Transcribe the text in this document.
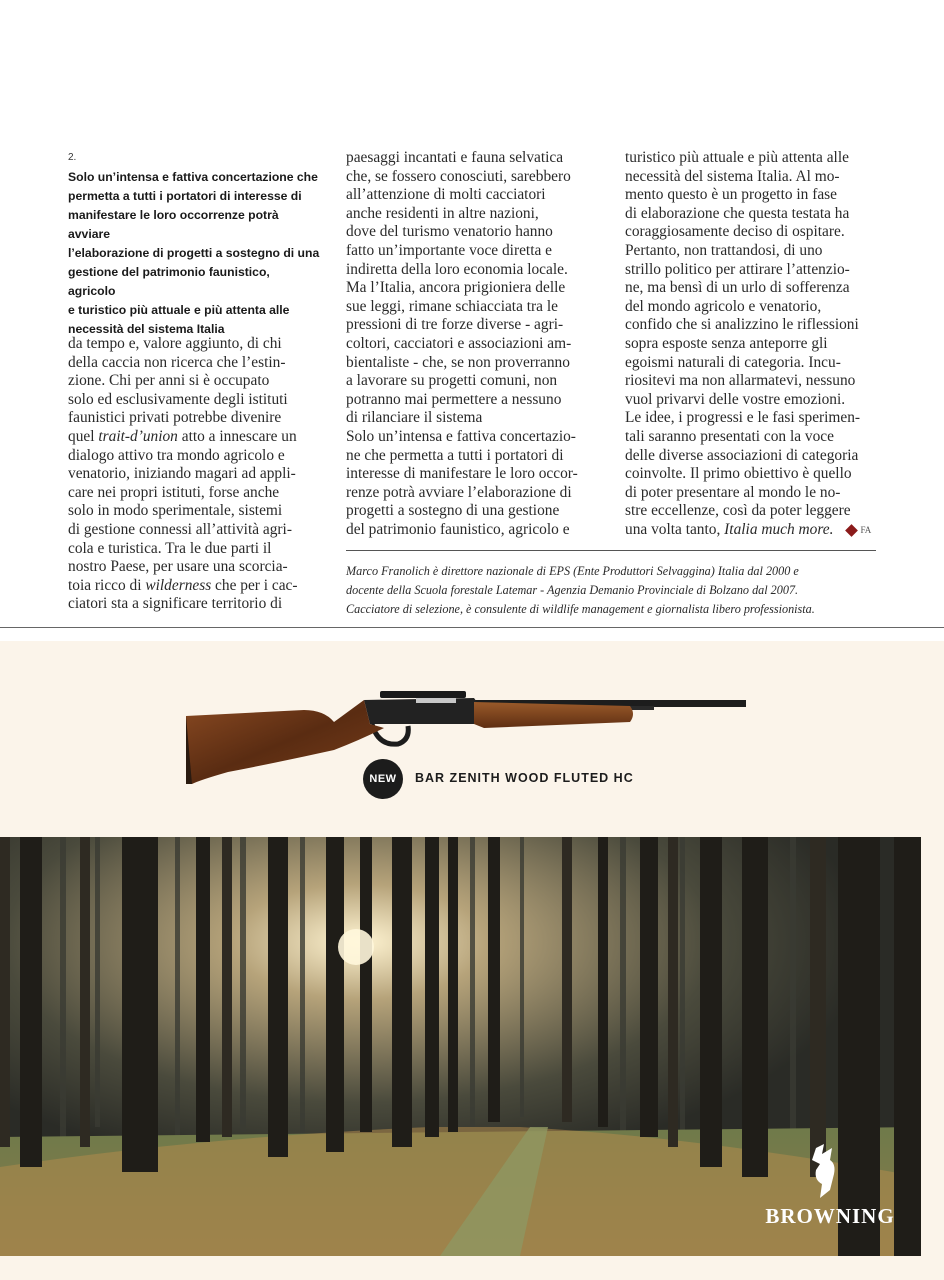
2.
Solo un’intensa e fattiva concertazione che
permetta a tutti i portatori di interesse di
manifestare le loro occorrenze potrà avviare
l’elaborazione di progetti a sostegno di una
gestione del patrimonio faunistico, agricolo
e turistico più attuale e più attenta alle
necessità del sistema Italia
da tempo e, valore aggiunto, di chi
della caccia non ricerca che l’estin-
zione. Chi per anni si è occupato
solo ed esclusivamente degli istituti
faunistici privati potrebbe divenire
quel trait-d’union atto a innescare un
dialogo attivo tra mondo agricolo e
venatorio, iniziando magari ad appli-
care nei propri istituti, forse anche
solo in modo sperimentale, sistemi
di gestione connessi all’attività agri-
cola e turistica. Tra le due parti il
nostro Paese, per usare una scorcia-
toia ricco di wilderness che per i cac-
ciatori sta a significare territorio di
paesaggi incantati e fauna selvatica
che, se fossero conosciuti, sarebbero
all’attenzione di molti cacciatori
anche residenti in altre nazioni,
dove del turismo venatorio hanno
fatto un’importante voce diretta e
indiretta della loro economia locale.
Ma l’Italia, ancora prigioniera delle
sue leggi, rimane schiacciata tra le
pressioni di tre forze diverse - agri-
coltori, cacciatori e associazioni am-
bientaliste - che, se non proverranno
a lavorare su progetti comuni, non
potranno mai permettere a nessuno
di rilanciare il sistema
Solo un’intensa e fattiva concertazio-
ne che permetta a tutti i portatori di
interesse di manifestare le loro occor-
renze potrà avviare l’elaborazione di
progetti a sostegno di una gestione
del patrimonio faunistico, agricolo e
turistico più attuale e più attenta alle
necessità del sistema Italia. Al mo-
mento questo è un progetto in fase
di elaborazione che questa testata ha
coraggiosamente deciso di ospitare.
Pertanto, non trattandosi, di uno
strillo politico per attirare l’attenzio-
ne, ma bensì di un urlo di sofferenza
del mondo agricolo e venatorio,
confido che si analizzino le riflessioni
sopra esposte senza anteporre gli
egoismi naturali di categoria. Incu-
riositevi ma non allarmatevi, nessuno
vuol privarvi delle vostre emozioni.
Le idee, i progressi e le fasi sperimen-
tali saranno presentati con la voce
delle diverse associazioni di categoria
coinvolte. Il primo obiettivo è quello
di poter presentare al mondo le no-
stre eccellenze, così da poter leggere
una volta tanto, Italia much more.	FA
Marco Franolich è direttore nazionale di EPS (Ente Produttori Selvaggina) Italia dal 2000 e
docente della Scuola forestale Latemar - Agenzia Demanio Provinciale di Bolzano dal 2007.
Cacciatore di selezione, è consulente di wildlife management e giornalista libero professionista.
NEW	BAR ZENITH WOOD FLUTED HC
BROWNING
